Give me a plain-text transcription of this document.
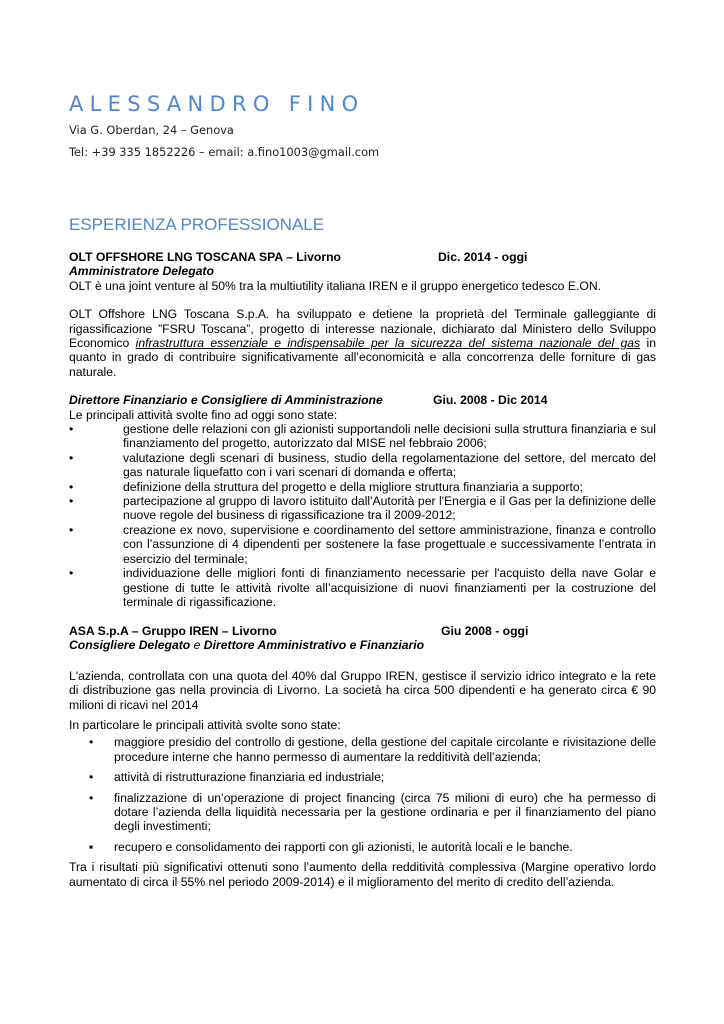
ALESSANDRO FINO
Via G. Oberdan, 24 – Genova
Tel: +39 335 1852226 – email: a.fino1003@gmail.com
ESPERIENZA PROFESSIONALE
OLT OFFSHORE LNG TOSCANA SPA – Livorno	Dic. 2014 - oggi
Amministratore Delegato

OLT è una joint venture al 50% tra la multiutility italiana IREN e il gruppo energetico tedesco E.ON.

OLT Offshore LNG Toscana S.p.A. ha sviluppato e detiene la proprietà del Terminale galleggiante di rigassificazione ”FSRU Toscana”, progetto di interesse nazionale, dichiarato dal Ministero dello Sviluppo Economico infrastruttura essenziale e indispensabile per la sicurezza del sistema nazionale del gas in quanto in grado di contribuire significativamente all’economicità e alla concorrenza delle forniture di gas naturale.

Direttore Finanziario e Consigliere di Amministrazione	Giu. 2008 - Dic 2014

Le principali attività svolte fino ad oggi sono state:

• gestione delle relazioni con gli azionisti supportandoli nelle decisioni sulla struttura finanziaria e sul finanziamento del progetto, autorizzato dal MISE nel febbraio 2006;
• valutazione degli scenari di business, studio della regolamentazione del settore, del mercato del gas naturale liquefatto con i vari scenari di domanda e offerta;
• definizione della struttura del progetto e della migliore struttura finanziaria a supporto;
• partecipazione al gruppo di lavoro istituito dall'Autorità per l'Energia e il Gas per la definizione delle nuove regole del business di rigassificazione tra il 2009-2012;
• creazione ex novo, supervisione e coordinamento del settore amministrazione, finanza e controllo con l’assunzione di 4 dipendenti per sostenere la fase progettuale e successivamente l’entrata in esercizio del terminale;
• individuazione delle migliori fonti di finanziamento necessarie per l'acquisto della nave Golar e gestione di tutte le attività rivolte all’acquisizione di nuovi finanziamenti per la costruzione del terminale di rigassificazione.
ASA S.p.A – Gruppo IREN – Livorno	Giu 2008 - oggi
Consigliere Delegato e Direttore Amministrativo e Finanziario

L'azienda, controllata con una quota del 40% dal Gruppo IREN, gestisce il servizio idrico integrato e la rete di distribuzione gas nella provincia di Livorno. La società ha circa 500 dipendenti e ha generato circa € 90 milioni di ricavi nel 2014

In particolare le principali attività svolte sono state:

• maggiore presidio del controllo di gestione, della gestione del capitale circolante e rivisitazione delle procedure interne che hanno permesso di aumentare la redditività dell’azienda;
• attività di ristrutturazione finanziaria ed industriale;
• finalizzazione di un’operazione di project financing (circa 75 milioni di euro) che ha permesso di dotare l’azienda della liquidità necessaria per la gestione ordinaria e per il finanziamento del piano degli investimenti;
▪ recupero e consolidamento dei rapporti con gli azionisti, le autorità locali e le banche.

Tra i risultati più significativi ottenuti sono l’aumento della redditività complessiva (Margine operativo lordo aumentato di circa il 55% nel periodo 2009-2014) e il miglioramento del merito di credito dell’azienda.
